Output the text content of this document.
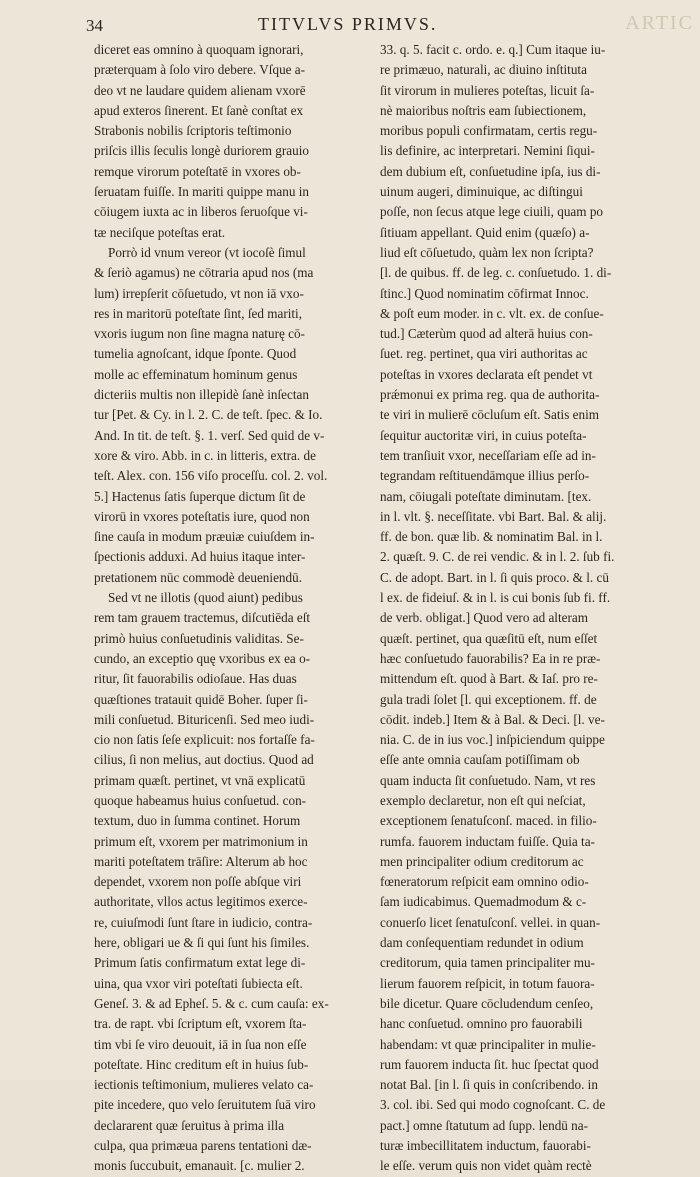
ARTIC
34	TITVLVS PRIMVS.
diceret eas omnino à quoquam ignorari,
præterquam à ſolo viro debere. Vſque a-
deo vt ne laudare quidem alienam vxorē
apud exteros ſinerent. Et ſanè conſtat ex
Strabonis nobilis ſcriptoris teſtimonio
priſcis illis ſeculis longè duriorem grauio
remque virorum poteſtatē in vxores ob-
ſeruatam fuiſſe. In mariti quippe manu in
cōiugem iuxta ac in liberos ſeruoſque vi-
tæ neciſque poteſtas erat.
Porrò id vnum vereor (vt iocoſè ſimul
& ſeriò agamus) ne cōtraria apud nos (ma
lum) irrepſerit cōſuetudo, vt non iā vxo-
res in maritorū poteſtate ſint, ſed mariti,
vxoris iugum non ſine magna naturę cō-
tumelia agnoſcant, idque ſponte. Quod
molle ac effeminatum hominum genus
dicteriis multis non illepidè ſanè inſectan
tur [Pet. & Cy. in l. 2. C. de teſt. ſpec. & Io.
And. In tit. de teſt. §. 1. verſ. Sed quid de v-
xore & viro. Abb. in c. in litteris, extra. de
teſt. Alex. con. 156 viſo proceſſu. col. 2. vol.
5.] Hactenus ſatis ſuperque dictum ſit de
virorū in vxores poteſtatis iure, quod non
ſine cauſa in modum præuiæ cuiuſdem in-
ſpectionis adduxi. Ad huius itaque inter-
pretationem nūc commodè deueniendū.
Sed vt ne illotis (quod aiunt) pedibus
rem tam grauem tractemus, diſcutiēda eſt
primò huius conſuetudinis validitas. Se-
cundo, an exceptio quę vxoribus ex ea o-
ritur, ſit fauorabilis odioſaue. Has duas
quæſtiones tratauit quidē Boher. ſuper ſi-
mili conſuetud. Bituricenſi. Sed meo iudi-
cio non ſatis ſeſe explicuit: nos fortaſſe fa-
cilius, ſi non melius, aut doctius. Quod ad
primam quæſt. pertinet, vt vnā explicatū
quoque habeamus huius conſuetud. con-
textum, duo in ſumma continet. Horum
primum eſt, vxorem per matrimonium in
mariti poteſtatem trāſire: Alterum ab hoc
dependet, vxorem non poſſe abſque viri
authoritate, vllos actus legitimos exerce-
re, cuiuſmodi ſunt ſtare in iudicio, contra-
here, obligari ue & ſi qui ſunt his ſimiles.
Primum ſatis confirmatum extat lege di-
uina, qua vxor viri poteſtati ſubiecta eſt.
Geneſ. 3. & ad Epheſ. 5. & c. cum cauſa: ex-
tra. de rapt. vbi ſcriptum eſt, vxorem ſta-
tim vbi ſe viro deuouit, iā in ſua non eſſe
poteſtate. Hinc creditum eſt in huius ſub-
iectionis teſtimonium, mulieres velato ca-
pite incedere, quo velo ſeruitutem ſuā viro
declararent quæ ſeruitus à prima illa
culpa, qua primæua parens tentationi dæ-
monis ſuccubuit, emanauit. [c. mulier 2.
33. q. 5. facit c. ordo. e. q.] Cum itaque iu-
re primæuo, naturali, ac diuino inſtituta
ſit virorum in mulieres poteſtas, licuit ſa-
nè maioribus noſtris eam ſubiectionem,
moribus populi confirmatam, certis regu-
lis definire, ac interpretari. Nemini ſiqui-
dem dubium eſt, conſuetudine ipſa, ius di-
uinum augeri, diminuique, ac diſtingui
poſſe, non ſecus atque lege ciuili, quam po
ſitiuam appellant. Quid enim (quæſo) a-
liud eſt cōſuetudo, quàm lex non ſcripta?
[l. de quibus. ff. de leg. c. conſuetudo. 1. di-
ſtinc.] Quod nominatim cōfirmat Innoc.
& poſt eum moder. in c. vlt. ex. de conſue-
tud.] Cæterùm quod ad alterā huius con-
ſuet. reg. pertinet, qua viri authoritas ac
poteſtas in vxores declarata eſt pendet vt
prǽmonui ex prima reg. qua de authorita-
te viri in mulierē cōcluſum eſt. Satis enim
ſequitur auctoritæ viri, in cuius poteſta-
tem tranſiuit vxor, neceſſariam eſſe ad in-
tegrandam reſtituendāmque illius perſo-
nam, cōiugali poteſtate diminutam. [tex.
in l. vlt. §. neceſſitate. vbi Bart. Bal. & alij.
ff. de bon. quæ lib. & nominatim Bal. in l.
2. quæſt. 9. C. de rei vendic. & in l. 2. ſub fi.
C. de adopt. Bart. in l. ſi quis proco. & l. cū
l ex. de fideiuſ. & in l. is cui bonis ſub fi. ff.
de verb. obligat.] Quod vero ad alteram
quæſt. pertinet, qua quæſitū eſt, num eſſet
hæc conſuetudo fauorabilis? Ea in re præ-
mittendum eſt. quod à Bart. & Iaſ. pro re-
gula tradi ſolet [l. qui exceptionem. ff. de
cōdit. indeb.] Item & à Bal. & Deci. [l. ve-
nia. C. de in ius voc.] inſpiciendum quippe
eſſe ante omnia cauſam potiſſimam ob
quam inducta ſit conſuetudo. Nam, vt res
exemplo declaretur, non eſt qui neſciat,
exceptionem ſenatuſconſ. maced. in filio-
rumfa. fauorem inductam fuiſſe. Quia ta-
men principaliter odium creditorum ac
fœneratorum reſpicit eam omnino odio-
ſam iudicabimus. Quemadmodum & c-
conuerſo licet ſenatuſconſ. vellei. in quan-
dam conſequentiam redundet in odium
creditorum, quia tamen principaliter mu-
lierum fauorem reſpicit, in totum fauora-
bile dicetur. Quare cōcludendum cenſeo,
hanc conſuetud. omnino pro fauorabili
habendam: vt quæ principaliter in mulie-
rum fauorem inducta ſit. huc ſpectat quod
notat Bal. [in l. ſi quis in conſcribendo. in
3. col. ibi. Sed qui modo cognoſcant. C. de
pact.] omne ſtatutum ad ſupp. lendū na-
turæ imbecillitatem inductum, fauorabi-
le eſſe. verum quis non videt quàm rectè
